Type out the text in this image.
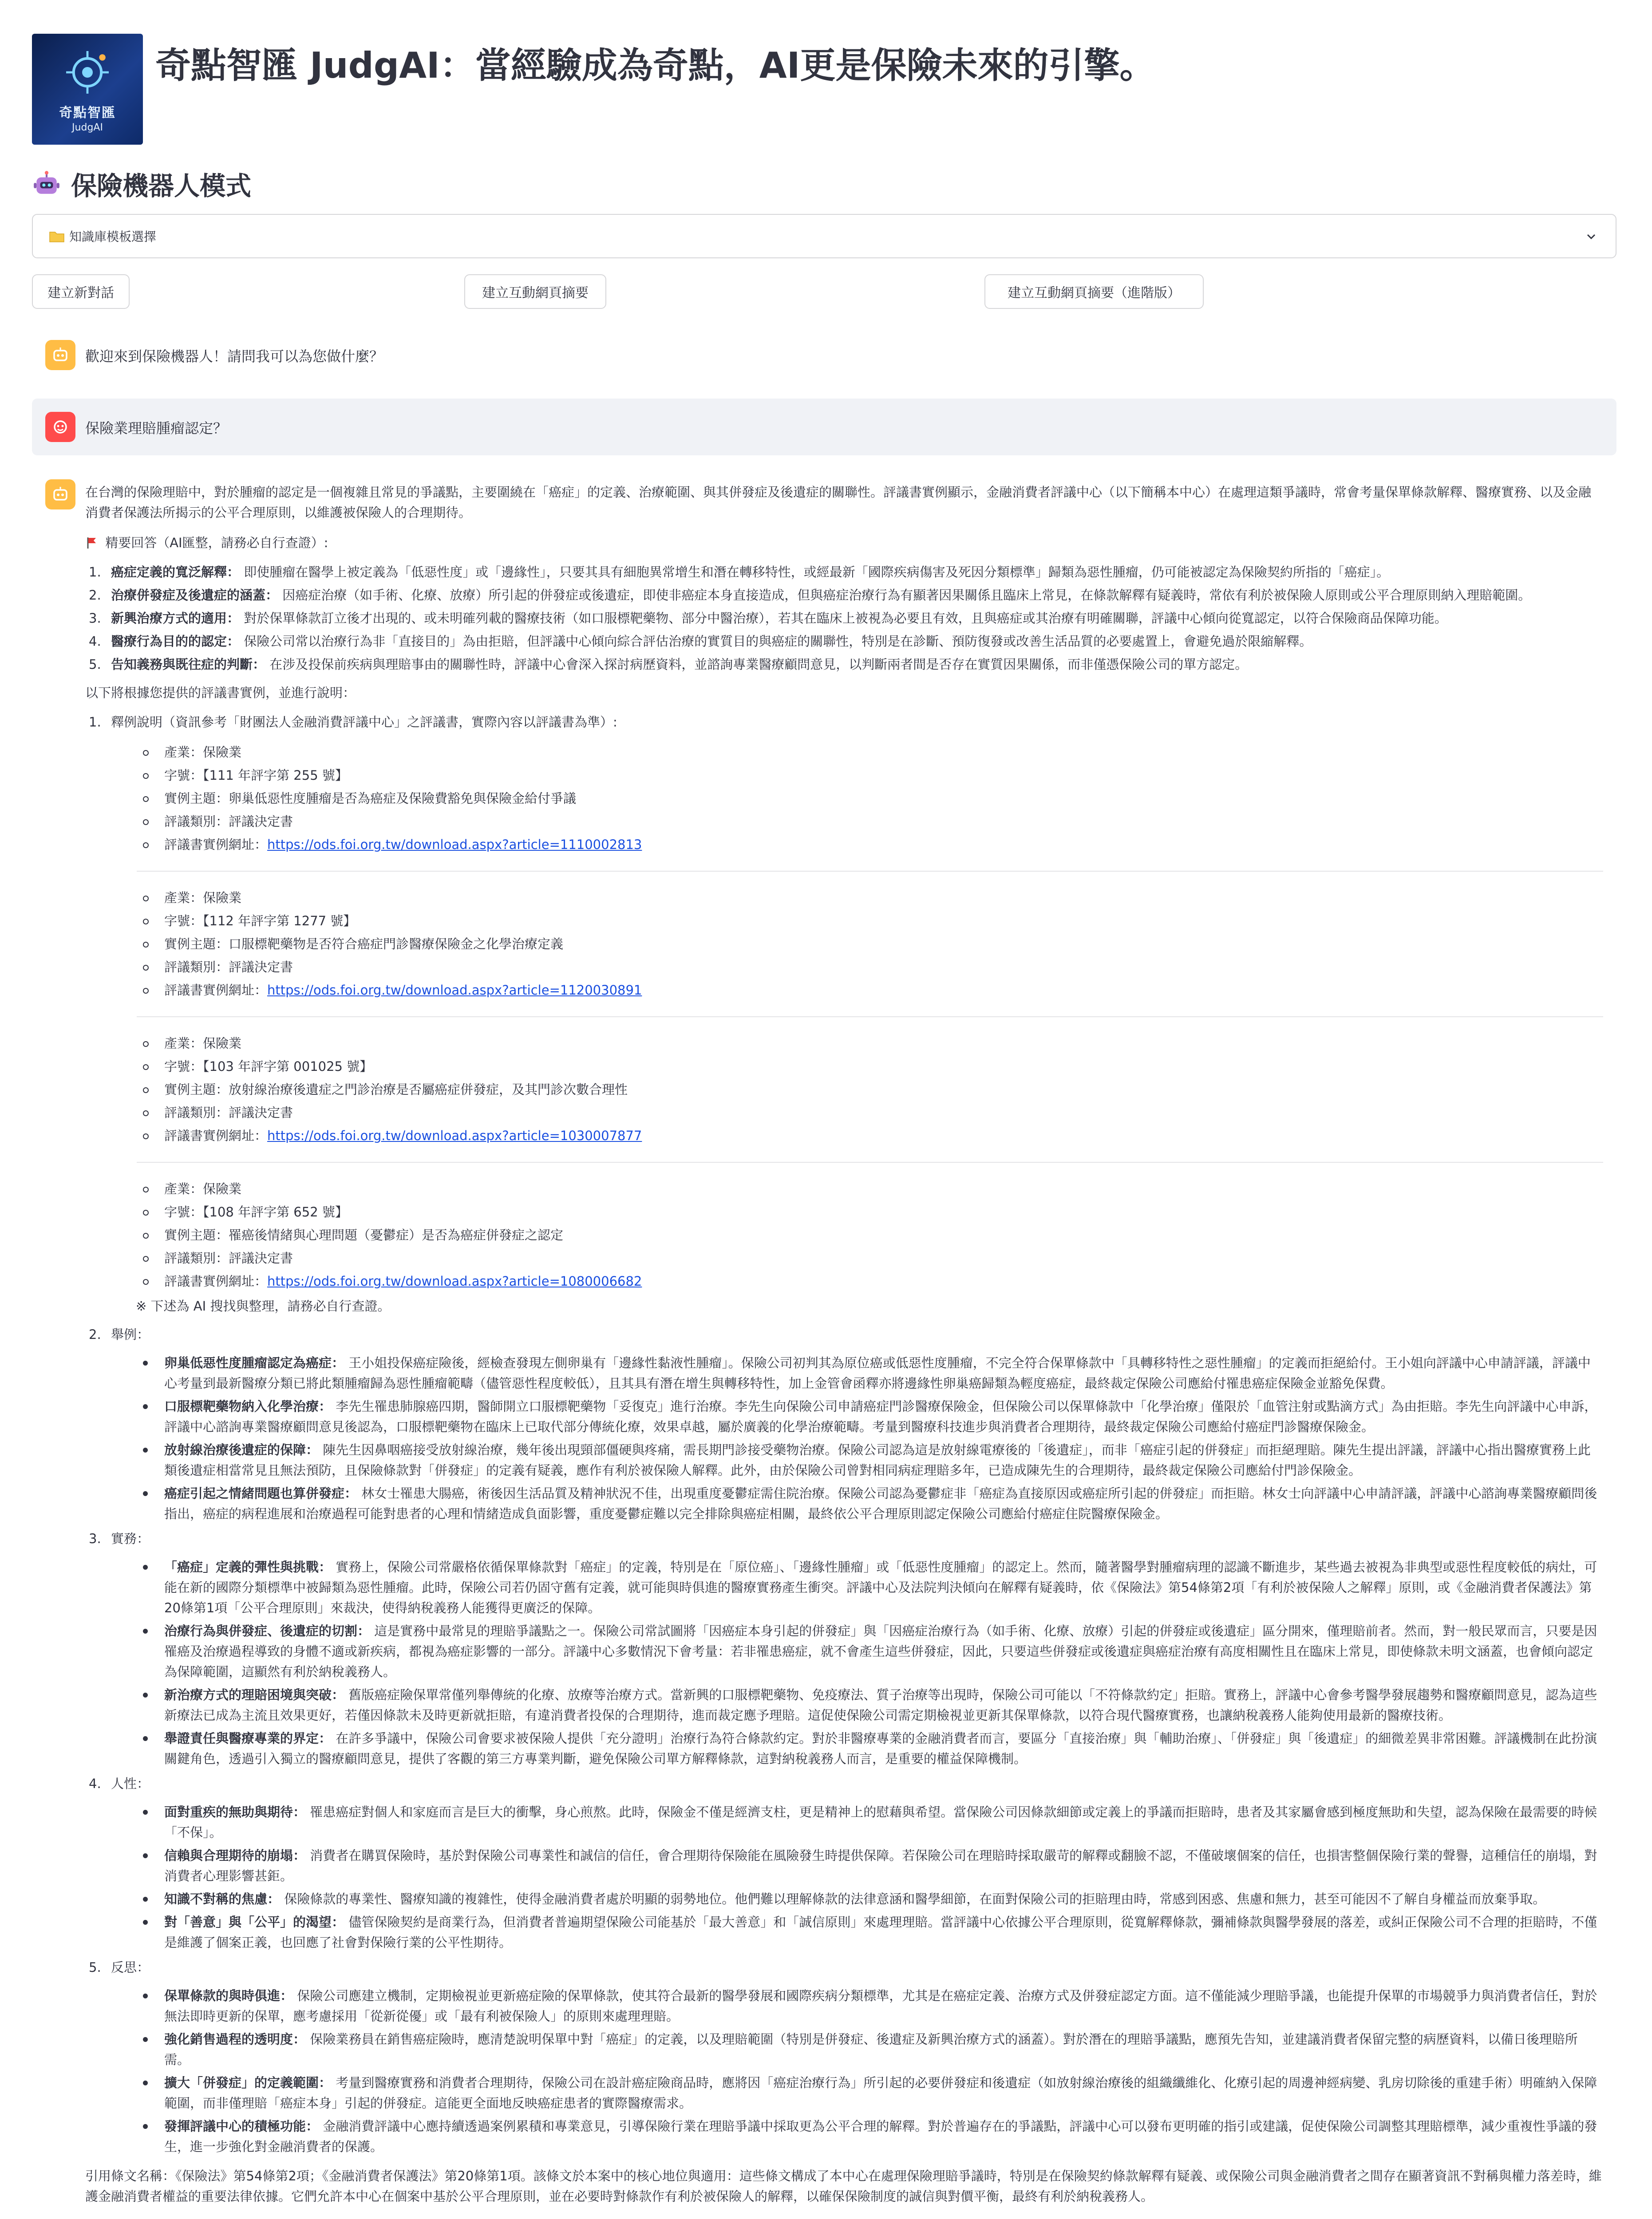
奇點智匯
JudgAI
奇點智匯 JudgAI：當經驗成為奇點，AI更是保險未來的引擎。
保險機器人模式
知識庫模板選擇
建立新對話	建立互動網頁摘要	建立互動網頁摘要（進階版）
歡迎來到保險機器人！請問我可以為您做什麼？
保險業理賠腫瘤認定？

在台灣的保險理賠中，對於腫瘤的認定是一個複雜且常見的爭議點，主要圍繞在「癌症」的定義、治療範圍、與其併發症及後遺症的關聯性。評議書實例顯示，金融消費者評議中心（以下簡稱本中心）在處理這類爭議時，常會考量保單條款解釋、醫療實務、以及金融消費者保護法所揭示的公平合理原則，以維護被保險人的合理期待。

精要回答（AI匯整，請務必自行查證）:

1. 癌症定義的寬泛解釋： 即使腫瘤在醫學上被定義為「低惡性度」或「邊緣性」，只要其具有細胞異常增生和潛在轉移特性，或經最新「國際疾病傷害及死因分類標準」歸類為惡性腫瘤，仍可能被認定為保險契約所指的「癌症」。
2. 治療併發症及後遺症的涵蓋： 因癌症治療（如手術、化療、放療）所引起的併發症或後遺症，即使非癌症本身直接造成，但與癌症治療行為有顯著因果關係且臨床上常見，在條款解釋有疑義時，常依有利於被保險人原則或公平合理原則納入理賠範圍。
3. 新興治療方式的適用： 對於保單條款訂立後才出現的、或未明確列載的醫療技術（如口服標靶藥物、部分中醫治療），若其在臨床上被視為必要且有效，且與癌症或其治療有明確關聯，評議中心傾向從寬認定，以符合保險商品保障功能。
4. 醫療行為目的的認定： 保險公司常以治療行為非「直接目的」為由拒賠，但評議中心傾向綜合評估治療的實質目的與癌症的關聯性，特別是在診斷、預防復發或改善生活品質的必要處置上，會避免過於限縮解釋。
5. 告知義務與既往症的判斷： 在涉及投保前疾病與理賠事由的關聯性時，評議中心會深入探討病歷資料，並諮詢專業醫療顧問意見，以判斷兩者間是否存在實質因果關係，而非僅憑保險公司的單方認定。

以下將根據您提供的評議書實例，並進行說明：

1. 釋例說明（資訊參考「財團法人金融消費評議中心」之評議書，實際內容以評議書為準）:
產業：保險業
字號：【111 年評字第 255 號】
實例主題：卵巢低惡性度腫瘤是否為癌症及保險費豁免與保險金給付爭議
評議類別：評議決定書
評議書實例網址：https://ods.foi.org.tw/download.aspx?article=1110002813
產業：保險業
字號：【112 年評字第 1277 號】
實例主題：口服標靶藥物是否符合癌症門診醫療保險金之化學治療定義
評議類別：評議決定書
評議書實例網址：https://ods.foi.org.tw/download.aspx?article=1120030891
產業：保險業
字號：【103 年評字第 001025 號】
實例主題：放射線治療後遺症之門診治療是否屬癌症併發症，及其門診次數合理性
評議類別：評議決定書
評議書實例網址：https://ods.foi.org.tw/download.aspx?article=1030007877
產業：保險業
字號：【108 年評字第 652 號】
實例主題：罹癌後情緒與心理問題（憂鬱症）是否為癌症併發症之認定
評議類別：評議決定書
評議書實例網址：https://ods.foi.org.tw/download.aspx?article=1080006682
※ 下述為 AI 搜找與整理，請務必自行查證。
2. 舉例：
卵巢低惡性度腫瘤認定為癌症： 王小姐投保癌症險後，經檢查發現左側卵巢有「邊緣性黏液性腫瘤」。保險公司初判其為原位癌或低惡性度腫瘤，不完全符合保單條款中「具轉移特性之惡性腫瘤」的定義而拒絕給付。王小姐向評議中心申請評議，評議中心考量到最新醫療分類已將此類腫瘤歸為惡性腫瘤範疇（儘管惡性程度較低），且其具有潛在增生與轉移特性，加上金管會函釋亦將邊緣性卵巢癌歸類為輕度癌症，最終裁定保險公司應給付罹患癌症保險金並豁免保費。
口服標靶藥物納入化學治療： 李先生罹患肺腺癌四期，醫師開立口服標靶藥物「妥復克」進行治療。李先生向保險公司申請癌症門診醫療保險金，但保險公司以保單條款中「化學治療」僅限於「血管注射或點滴方式」為由拒賠。李先生向評議中心申訴，評議中心諮詢專業醫療顧問意見後認為，口服標靶藥物在臨床上已取代部分傳統化療，效果卓越，屬於廣義的化學治療範疇。考量到醫療科技進步與消費者合理期待，最終裁定保險公司應給付癌症門診醫療保險金。
放射線治療後遺症的保障： 陳先生因鼻咽癌接受放射線治療，幾年後出現頸部僵硬與疼痛，需長期門診接受藥物治療。保險公司認為這是放射線電療後的「後遺症」，而非「癌症引起的併發症」而拒絕理賠。陳先生提出評議，評議中心指出醫療實務上此類後遺症相當常見且無法預防，且保險條款對「併發症」的定義有疑義，應作有利於被保險人解釋。此外，由於保險公司曾對相同病症理賠多年，已造成陳先生的合理期待，最終裁定保險公司應給付門診保險金。
癌症引起之情緒問題也算併發症： 林女士罹患大腸癌，術後因生活品質及精神狀況不佳，出現重度憂鬱症需住院治療。保險公司認為憂鬱症非「癌症為直接原因或癌症所引起的併發症」而拒賠。林女士向評議中心申請評議，評議中心諮詢專業醫療顧問後指出，癌症的病程進展和治療過程可能對患者的心理和情緒造成負面影響，重度憂鬱症難以完全排除與癌症相關，最終依公平合理原則認定保險公司應給付癌症住院醫療保險金。
3. 實務：
「癌症」定義的彈性與挑戰： 實務上，保險公司常嚴格依循保單條款對「癌症」的定義，特別是在「原位癌」、「邊緣性腫瘤」或「低惡性度腫瘤」的認定上。然而，隨著醫學對腫瘤病理的認識不斷進步，某些過去被視為非典型或惡性程度較低的病灶，可能在新的國際分類標準中被歸類為惡性腫瘤。此時，保險公司若仍固守舊有定義，就可能與時俱進的醫療實務產生衝突。評議中心及法院判決傾向在解釋有疑義時，依《保險法》第54條第2項「有利於被保險人之解釋」原則，或《金融消費者保護法》第20條第1項「公平合理原則」來裁決，使得納稅義務人能獲得更廣泛的保障。
治療行為與併發症、後遺症的切割： 這是實務中最常見的理賠爭議點之一。保險公司常試圖將「因癌症本身引起的併發症」與「因癌症治療行為（如手術、化療、放療）引起的併發症或後遺症」區分開來，僅理賠前者。然而，對一般民眾而言，只要是因罹癌及治療過程導致的身體不適或新疾病，都視為癌症影響的一部分。評議中心多數情況下會考量：若非罹患癌症，就不會產生這些併發症，因此，只要這些併發症或後遺症與癌症治療有高度相關性且在臨床上常見，即使條款未明文涵蓋，也會傾向認定為保障範圍，這顯然有利於納稅義務人。
新治療方式的理賠困境與突破： 舊版癌症險保單常僅列舉傳統的化療、放療等治療方式。當新興的口服標靶藥物、免疫療法、質子治療等出現時，保險公司可能以「不符條款約定」拒賠。實務上，評議中心會參考醫學發展趨勢和醫療顧問意見，認為這些新療法已成為主流且效果更好，若僅因條款未及時更新就拒賠，有違消費者投保的合理期待，進而裁定應予理賠。這促使保險公司需定期檢視並更新其保單條款，以符合現代醫療實務，也讓納稅義務人能夠使用最新的醫療技術。
舉證責任與醫療專業的界定： 在許多爭議中，保險公司會要求被保險人提供「充分證明」治療行為符合條款約定。對於非醫療專業的金融消費者而言，要區分「直接治療」與「輔助治療」、「併發症」與「後遺症」的細微差異非常困難。評議機制在此扮演關鍵角色，透過引入獨立的醫療顧問意見，提供了客觀的第三方專業判斷，避免保險公司單方解釋條款，這對納稅義務人而言，是重要的權益保障機制。
4. 人性：
面對重疾的無助與期待： 罹患癌症對個人和家庭而言是巨大的衝擊，身心煎熬。此時，保險金不僅是經濟支柱，更是精神上的慰藉與希望。當保險公司因條款細節或定義上的爭議而拒賠時，患者及其家屬會感到極度無助和失望，認為保險在最需要的時候「不保」。
信賴與合理期待的崩塌： 消費者在購買保險時，基於對保險公司專業性和誠信的信任，會合理期待保險能在風險發生時提供保障。若保險公司在理賠時採取嚴苛的解釋或翻臉不認，不僅破壞個案的信任，也損害整個保險行業的聲譽，這種信任的崩塌，對消費者心理影響甚鉅。
知識不對稱的焦慮： 保險條款的專業性、醫療知識的複雜性，使得金融消費者處於明顯的弱勢地位。他們難以理解條款的法律意涵和醫學細節，在面對保險公司的拒賠理由時，常感到困惑、焦慮和無力，甚至可能因不了解自身權益而放棄爭取。
對「善意」與「公平」的渴望： 儘管保險契約是商業行為，但消費者普遍期望保險公司能基於「最大善意」和「誠信原則」來處理理賠。當評議中心依據公平合理原則，從寬解釋條款，彌補條款與醫學發展的落差，或糾正保險公司不合理的拒賠時，不僅是維護了個案正義，也回應了社會對保險行業的公平性期待。
5. 反思：
保單條款的與時俱進： 保險公司應建立機制，定期檢視並更新癌症險的保單條款，使其符合最新的醫學發展和國際疾病分類標準，尤其是在癌症定義、治療方式及併發症認定方面。這不僅能減少理賠爭議，也能提升保單的市場競爭力與消費者信任，對於無法即時更新的保單，應考慮採用「從新從優」或「最有利被保險人」的原則來處理理賠。
強化銷售過程的透明度： 保險業務員在銷售癌症險時，應清楚說明保單中對「癌症」的定義，以及理賠範圍（特別是併發症、後遺症及新興治療方式的涵蓋）。對於潛在的理賠爭議點，應預先告知，並建議消費者保留完整的病歷資料，以備日後理賠所需。
擴大「併發症」的定義範圍： 考量到醫療實務和消費者合理期待，保險公司在設計癌症險商品時，應將因「癌症治療行為」所引起的必要併發症和後遺症（如放射線治療後的組織纖維化、化療引起的周邊神經病變、乳房切除後的重建手術）明確納入保障範圍，而非僅理賠「癌症本身」引起的併發症。這能更全面地反映癌症患者的實際醫療需求。
發揮評議中心的積極功能： 金融消費評議中心應持續透過案例累積和專業意見，引導保險行業在理賠爭議中採取更為公平合理的解釋。對於普遍存在的爭議點，評議中心可以發布更明確的指引或建議，促使保險公司調整其理賠標準，減少重複性爭議的發生，進一步強化對金融消費者的保護。

引用條文名稱：《保險法》第54條第2項；《金融消費者保護法》第20條第1項。該條文於本案中的核心地位與適用：這些條文構成了本中心在處理保險理賠爭議時，特別是在保險契約條款解釋有疑義、或保險公司與金融消費者之間存在顯著資訊不對稱與權力落差時，維護金融消費者權益的重要法律依據。它們允許本中心在個案中基於公平合理原則，並在必要時對條款作有利於被保險人的解釋，以確保保險制度的誠信與對價平衡，最終有利於納稅義務人。
